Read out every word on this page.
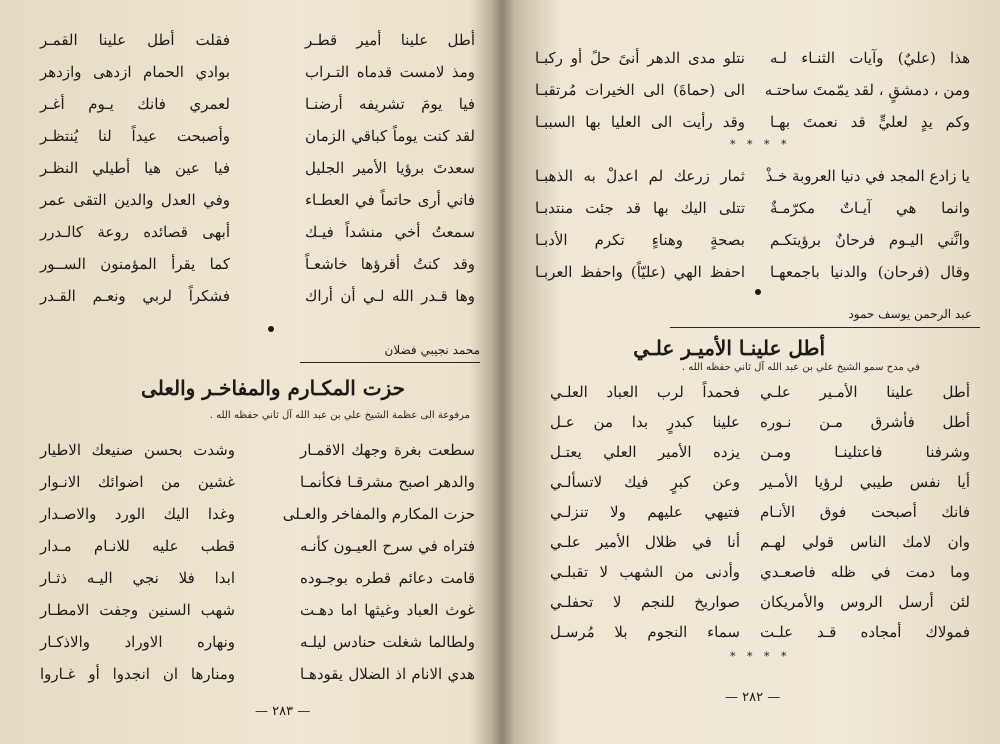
أطل علينا أمير قطـر
ومذ لامست قدماه التـراب
فيا يومَ تشريفه أرضنـا
لقد كنت يوماً كباقي الزمان
سعدتَ برؤيا الأمير الجليل
فاني أرى حاتماً في العطـاء
سمعتُ أخي منشداً فيـك
وقد كنتُ أقرؤها خاشعـاً
وها قـدر الله لـي أن أراك
فقلت أطل علينا القمـر
بوادي الحمام ازدهى وازدهر
لعمري فانك يـوم أغـر
وأصبحت عيداً لنا يُنتظـر
فيا عين هيا أطيلي النظـر
وفي العدل والدين التقى عمر
أبهى قصائده روعة كالـدرر
كما يقرأ المؤمنون الســور
فشكراً لربي ونعـم القـدر
محمد نجيبي فضلان
حزت المكـارم والمفاخـر والعلى
مرفوعة الى عظمة الشيخ علي بن عبد الله آل ثاني حفظه الله .
سطعت بغرة وجهك الاقمـار
والدهر اصبح مشرقـا فكأنمـا
حزت المكارم والمفاخر والعـلى
فتراه في سرح العيـون كأنـه
قامت دعائم قطره بوجـوده
غوث العباد وغيثها اما دهـت
ولطالما شغلت حنادس ليلـه
هدي الانام اذ الضلال يقودهـا
وشدت بحسن صنيعك الاطيار
غشين من اضوائك الانـوار
وغدا اليك الورد والاصـدار
قطب عليه للانـام مـدار
ابدا فلا نجي اليـه ذثـار
شهب السنين وجفت الامطـار
ونهاره الاوراد والاذكـار
ومنارها ان انجدوا أو غـاروا
— ٢٨٣ —
هذا (عليٌ) وآيات الثنـاء لـه
ومن ، دمشقٍ ، لقد يمّمتَ ساحتـه
وكم يدٍ لعليٍّ قد نعمتَ بهـا
نتلو مدى الدهر أنىً حلً أو ركبـا
الى (حماةَ) الى الخيرات مُرتقبـا
وقد رأيت الى العليا بها السببـا
* * * *
يا زادع المجد في دنيا العروبة خـذْ
وانما هي آيـاتٌ مكرّمـةٌ
وانَّني اليـوم فرحانٌ برؤيتكـم
وقال (فرحان) والدنيا باجمعهـا
ثمار زرعك لم اعدلْ به الذهبـا
تتلى اليك بها قد جئت منتدبـا
بصحةٍ وهناءٍ تكرم الأدبـا
احفظ الهي (عليّاً) واحفظ العربـا
عبد الرحمن يوسف حمود
أطل علينـا الأميـر علـي
في مدح سمو الشيخ علي بن عبد الله آل ثاني حفظه الله .
أطل علينا الأمـير علـي
أطل فأشرق مـن نـوره
وشرفنا فاعتلينـا ومـن
أيا نفس طيبي لرؤيا الأمـير
فانك أصبحت فوق الأنـام
وان لامك الناس قولي لهـم
وما دمت في ظله فاصعـدي
لئن أرسل الروس والأمريكان
فمولاك أمجاده قـد علـت
فحمداً لرب العباد العلـي
علينا كبدرٍ بدا من عـل
يزده الأمير العلي يعتـل
وعن كبرٍ فيك لاتسألـي
فتيهي عليهم ولا تنزلـي
أنا في ظلال الأمير علـي
وأدنى من الشهب لا تقبلـي
صواريخ للنجم لا تحفلـي
سماء النجوم بلا مُرسـل
* * * *
— ٢٨٢ —
